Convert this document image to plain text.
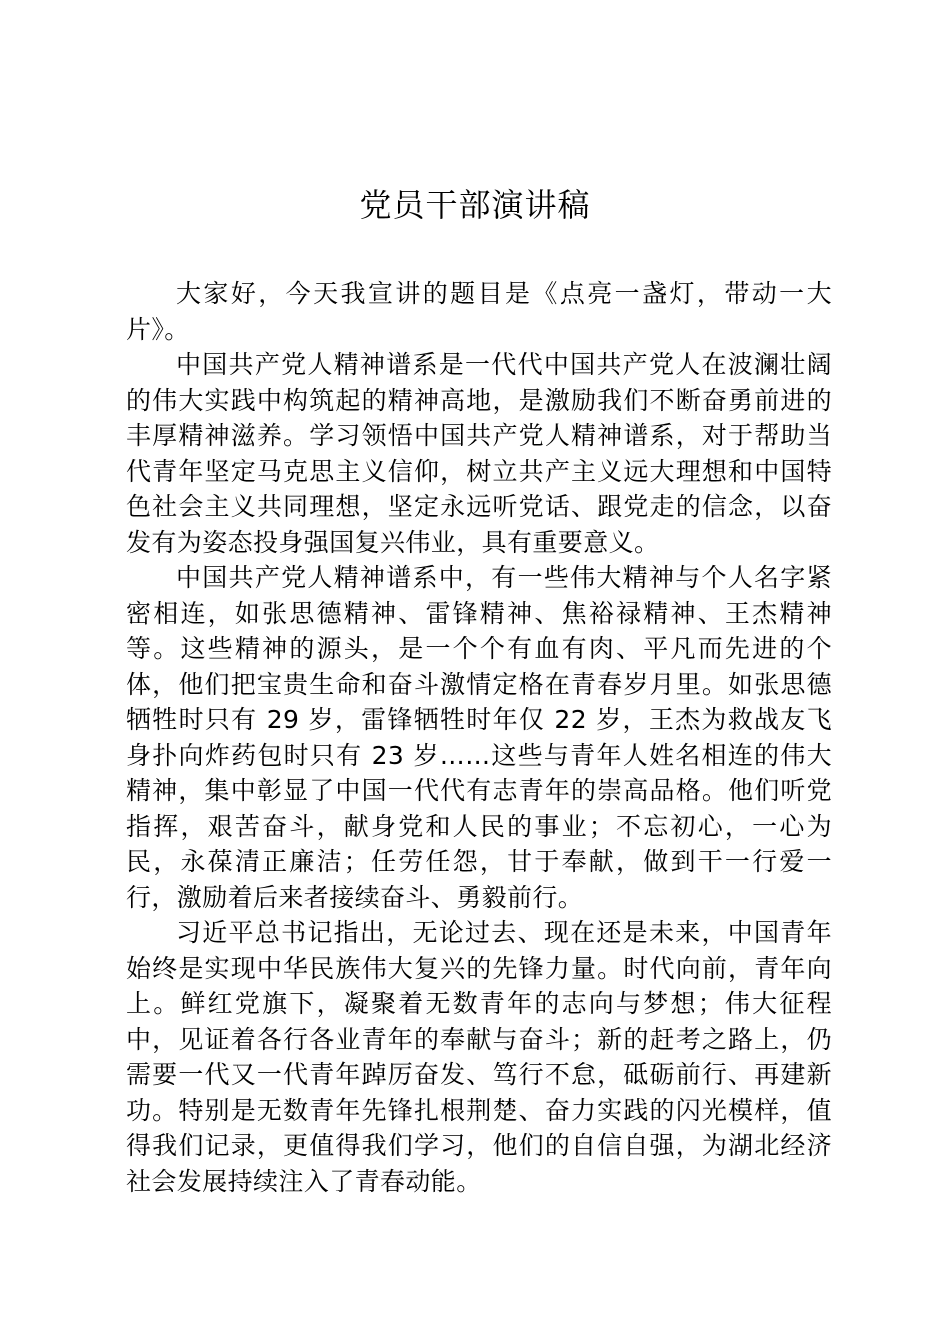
党员干部演讲稿

大家好，今天我宣讲的题目是《点亮一盏灯，带动一大片》。

中国共产党人精神谱系是一代代中国共产党人在波澜壮阔的伟大实践中构筑起的精神高地，是激励我们不断奋勇前进的丰厚精神滋养。学习领悟中国共产党人精神谱系，对于帮助当代青年坚定马克思主义信仰，树立共产主义远大理想和中国特色社会主义共同理想，坚定永远听党话、跟党走的信念，以奋发有为姿态投身强国复兴伟业，具有重要意义。

中国共产党人精神谱系中，有一些伟大精神与个人名字紧密相连，如张思德精神、雷锋精神、焦裕禄精神、王杰精神等。这些精神的源头，是一个个有血有肉、平凡而先进的个体，他们把宝贵生命和奋斗激情定格在青春岁月里。如张思德牺牲时只有 29 岁，雷锋牺牲时年仅 22 岁，王杰为救战友飞身扑向炸药包时只有 23 岁……这些与青年人姓名相连的伟大精神，集中彰显了中国一代代有志青年的崇高品格。他们听党指挥，艰苦奋斗，献身党和人民的事业；不忘初心，一心为民，永葆清正廉洁；任劳任怨，甘于奉献，做到干一行爱一行，激励着后来者接续奋斗、勇毅前行。

习近平总书记指出，无论过去、现在还是未来，中国青年始终是实现中华民族伟大复兴的先锋力量。时代向前，青年向上。鲜红党旗下，凝聚着无数青年的志向与梦想；伟大征程中，见证着各行各业青年的奉献与奋斗；新的赶考之路上，仍需要一代又一代青年踔厉奋发、笃行不怠，砥砺前行、再建新功。特别是无数青年先锋扎根荆楚、奋力实践的闪光模样，值得我们记录，更值得我们学习，他们的自信自强，为湖北经济社会发展持续注入了青春动能。
